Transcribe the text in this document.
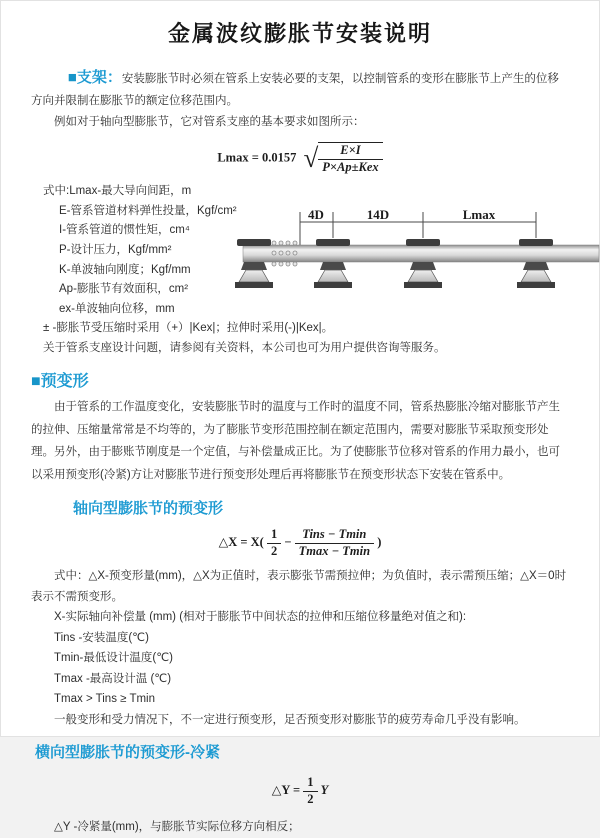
金属波纹膨胀节安装说明
■支架：安装膨胀节时必须在管系上安装必要的支架，以控制管系的变形在膨胀节上产生的位移方向并限制在膨胀节的额定位移范围内。
例如对于轴向型膨胀节，它对管系支座的基本要求如图所示：
Lmax = 0.0157 √ $\frac{E\times I}{\text{P×Ap±Kex}}$
式中:Lmax-最大导向间距，m
E-管系管道材料弹性投量，Kgf/cm²
I-管系管道的惯性矩，cm⁴
P-设计压力，Kgf/mm²
K-单波轴向刚度；Kgf/mm
Ap-膨胀节有效面积，cm²
ex-单波轴向位移，mm
± -膨胀节受压缩时采用（+）|Kex|；拉伸时采用(-)|Kex|。
关于管系支座设计问题，请参阅有关资料，本公司也可为用户提供咨询等服务。
4D	14D	Lmax
■预变形
由于管系的工作温度变化，安装膨胀节时的温度与工作时的温度不同，管系热膨胀冷缩对膨胀节产生的拉伸、压缩量常常是不均等的，为了膨胀节变形范围控制在额定范围内，需要对膨胀节采取预变形处理。另外，由于膨账节刚度是一个定值，与补偿量成正比。为了使膨胀节位移对管系的作用力最小，也可以采用预变形(冷紧)方让对膨胀节进行预变形处理后再将膨胀节在预变形状态下安装在管系中。
轴向型膨胀节的预变形
△X = $X( \frac{1}{2} - \frac{\text{Tins − Tmin}}{Tmax - Tmin}$ )
式中：△X-预变形量(mm)，△X为正值时，表示膨张节需预拉伸；为负值时，表示需预压缩；△X＝0时表示不需预变形。
X-实际轴向补偿量 (mm) (相对于膨胀节中间状态的拉伸和压缩位移量绝对值之和):
Tins -安装温度(℃)
Tmin-最低设计温度(℃)
Tmax -最高设计温 (℃)
Tmax > Tins ≥ Tmin
一般变形和受力情况下，不一定进行预变形，足否预变形对膨胀节的疲劳寿命几乎没有影响。
横向型膨胀节的预变形-冷紧
△Y = $\frac{1}{2}$ Y
△Y -冷紧量(mm)，与膨胀节实际位移方向相反；
